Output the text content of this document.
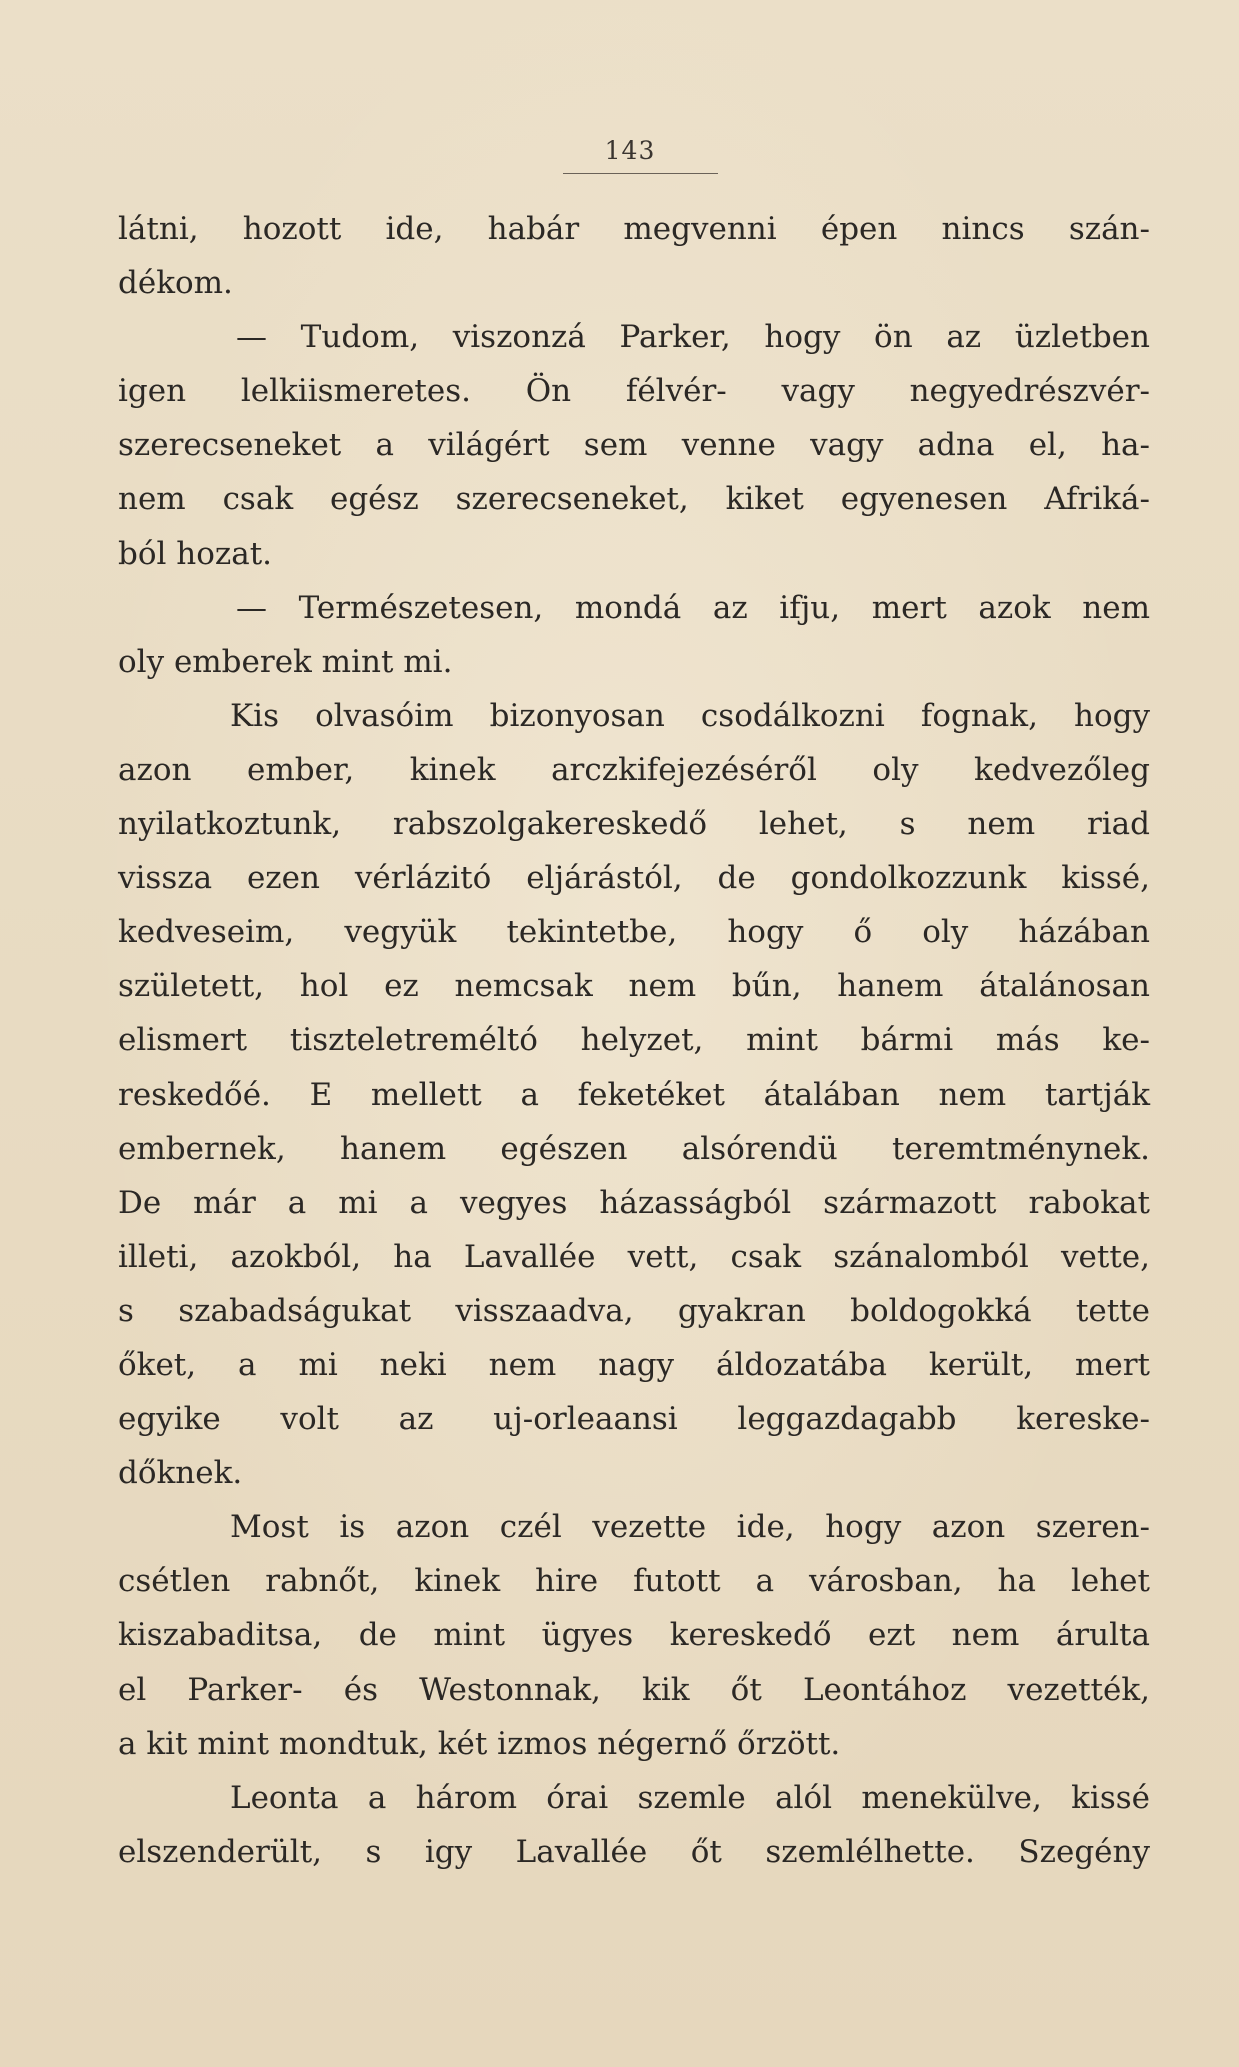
143
látni, hozott ide, habár megvenni épen nincs szán-
dékom.
— Tudom, viszonzá Parker, hogy ön az üzletben
igen lelkiismeretes. Ön félvér- vagy negyedrészvér-
szerecseneket a világért sem venne vagy adna el, ha-
nem csak egész szerecseneket, kiket egyenesen Afriká-
ból hozat.
— Természetesen, mondá az ifju, mert azok nem
oly emberek mint mi.
Kis olvasóim bizonyosan csodálkozni fognak, hogy
azon ember, kinek arczkifejezéséről oly kedvezőleg
nyilatkoztunk, rabszolgakereskedő lehet, s nem riad
vissza ezen vérlázitó eljárástól, de gondolkozzunk kissé,
kedveseim, vegyük tekintetbe, hogy ő oly házában
született, hol ez nemcsak nem bűn, hanem átalánosan
elismert tiszteletreméltó helyzet, mint bármi más ke-
reskedőé. E mellett a feketéket átalában nem tartják
embernek, hanem egészen alsórendü teremtménynek.
De már a mi a vegyes házasságból származott rabokat
illeti, azokból, ha Lavallée vett, csak szánalomból vette,
s szabadságukat visszaadva, gyakran boldogokká tette
őket, a mi neki nem nagy áldozatába került, mert
egyike volt az uj-orleaansi leggazdagabb kereske-
dőknek.
Most is azon czél vezette ide, hogy azon szeren-
csétlen rabnőt, kinek hire futott a városban, ha lehet
kiszabaditsa, de mint ügyes kereskedő ezt nem árulta
el Parker- és Westonnak, kik őt Leontához vezették,
a kit mint mondtuk, két izmos négernő őrzött.
Leonta a három órai szemle alól menekülve, kissé
elszenderült, s igy Lavallée őt szemlélhette. Szegény
